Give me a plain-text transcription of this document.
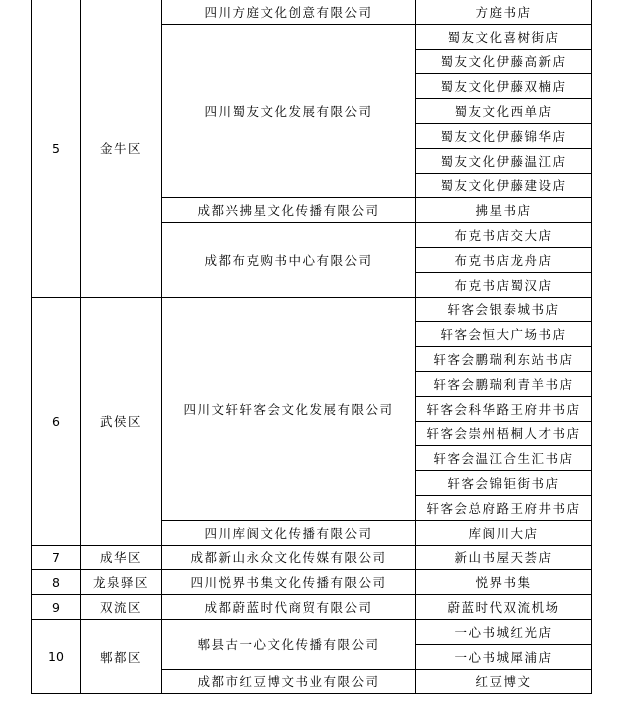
5	金牛区	四川方庭文化创意有限公司	方庭书店
		四川蜀友文化发展有限公司	蜀友文化喜树街店
			蜀友文化伊藤高新店
			蜀友文化伊藤双楠店
			蜀友文化西单店
			蜀友文化伊藤锦华店
			蜀友文化伊藤温江店
			蜀友文化伊藤建设店
		成都兴拂星文化传播有限公司	拂星书店
		成都布克购书中心有限公司	布克书店交大店
			布克书店龙舟店
			布克书店蜀汉店
6	武侯区	四川文轩轩客会文化发展有限公司	轩客会银泰城书店
			轩客会恒大广场书店
			轩客会鹏瑞利东站书店
			轩客会鹏瑞利青羊书店
			轩客会科华路王府井书店
			轩客会崇州梧桐人才书店
			轩客会温江合生汇书店
			轩客会锦钜街书店
			轩客会总府路王府井书店
		四川库阆文化传播有限公司	库阆川大店
7	成华区	成都新山永众文化传媒有限公司	新山书屋天荟店
8	龙泉驿区	四川悦界书集文化传播有限公司	悦界书集
9	双流区	成都蔚蓝时代商贸有限公司	蔚蓝时代双流机场
10	郫都区	郫县古一心文化传播有限公司	一心书城红光店
			一心书城犀浦店
		成都市红豆博文书业有限公司	红豆博文
